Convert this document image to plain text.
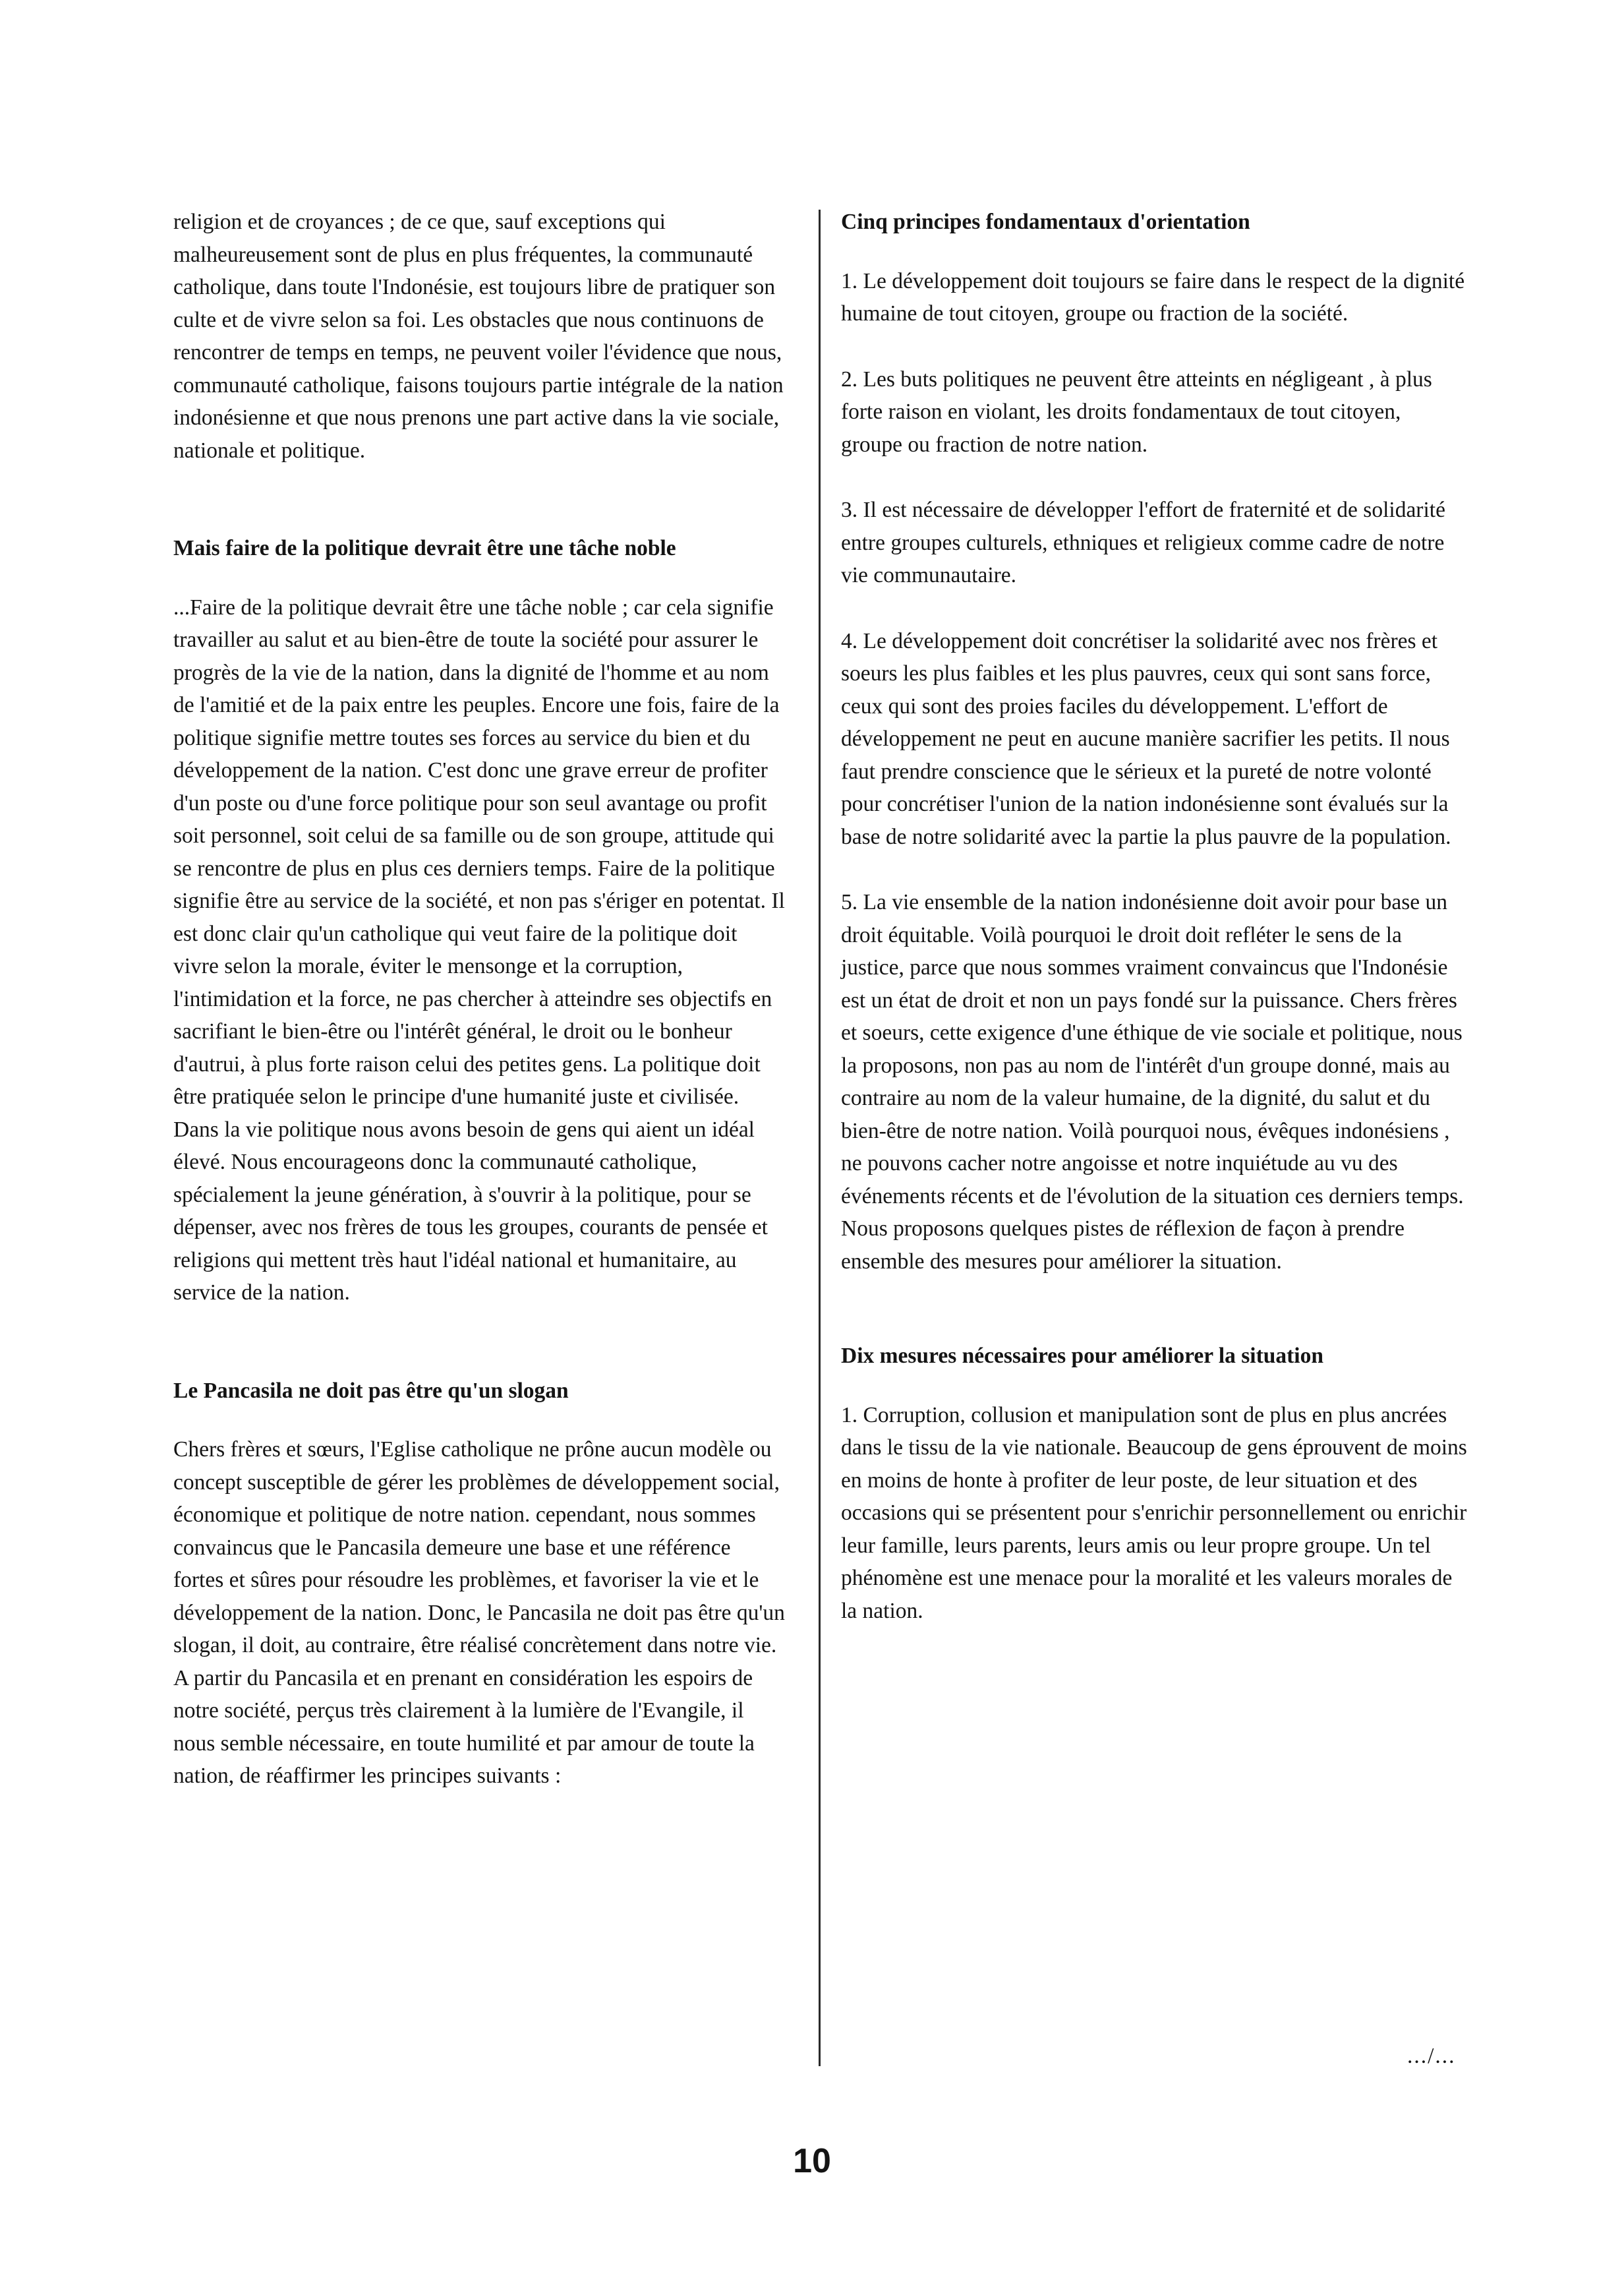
religion et de croyances ; de ce que, sauf exceptions qui malheureusement sont de plus en plus fréquentes, la communauté catholique, dans toute l'Indonésie, est toujours libre de pratiquer son culte et de vivre selon sa foi. Les obstacles que nous continuons de rencontrer de temps en temps, ne peuvent voiler l'évidence que nous, communauté catholique, faisons toujours partie intégrale de la nation indonésienne et que nous prenons une part active dans la vie sociale, nationale et politique.

Mais faire de la politique devrait être une tâche noble

...Faire de la politique devrait être une tâche noble ; car cela signifie travailler au salut et au bien-être de toute la société pour assurer le progrès de la vie de la nation, dans la dignité de l'homme et au nom de l'amitié et de la paix entre les peuples. Encore une fois, faire de la politique signifie mettre toutes ses forces au service du bien et du développement de la nation. C'est donc une grave erreur de profiter d'un poste ou d'une force politique pour son seul avantage ou profit soit personnel, soit celui de sa famille ou de son groupe, attitude qui se rencontre de plus en plus ces derniers temps. Faire de la politique signifie être au service de la société, et non pas s'ériger en potentat. Il est donc clair qu'un catholique qui veut faire de la politique doit vivre selon la morale, éviter le mensonge et la corruption, l'intimidation et la force, ne pas chercher à atteindre ses objectifs en sacrifiant le bien-être ou l'intérêt général, le droit ou le bonheur d'autrui, à plus forte raison celui des petites gens. La politique doit être pratiquée selon le principe d'une humanité juste et civilisée. Dans la vie politique nous avons besoin de gens qui aient un idéal élevé. Nous encourageons donc la communauté catholique, spécialement la jeune génération, à s'ouvrir à la politique, pour se dépenser, avec nos frères de tous les groupes, courants de pensée et religions qui mettent très haut l'idéal national et humanitaire, au service de la nation.

Le Pancasila ne doit pas être qu'un slogan

Chers frères et sœurs, l'Eglise catholique ne prône aucun modèle ou concept susceptible de gérer les problèmes de développement social, économique et politique de notre nation. cependant, nous sommes convaincus que le Pancasila demeure une base et une référence fortes et sûres pour résoudre les problèmes, et favoriser la vie et le développement de la nation. Donc, le Pancasila ne doit pas être qu'un slogan, il doit, au contraire, être réalisé concrètement dans notre vie. A partir du Pancasila et en prenant en considération les espoirs de notre société, perçus très clairement à la lumière de l'Evangile, il nous semble nécessaire, en toute humilité et par amour de toute la nation, de réaffirmer les principes suivants :

Cinq principes fondamentaux d'orientation

1. Le développement doit toujours se faire dans le respect de la dignité humaine de tout citoyen, groupe ou fraction de la société.

2. Les buts politiques ne peuvent être atteints en négligeant , à plus forte raison en violant, les droits fondamentaux de tout citoyen, groupe ou fraction de notre nation.

3. Il est nécessaire de développer l'effort de fraternité et de solidarité entre groupes culturels, ethniques et religieux comme cadre de notre vie communautaire.

4. Le développement doit concrétiser la solidarité avec nos frères et soeurs les plus faibles et les plus pauvres, ceux qui sont sans force, ceux qui sont des proies faciles du développement. L'effort de développement ne peut en aucune manière sacrifier les petits. Il nous faut prendre conscience que le sérieux et la pureté de notre volonté pour concrétiser l'union de la nation indonésienne sont évalués sur la base de notre solidarité avec la partie la plus pauvre de la population.

5. La vie ensemble de la nation indonésienne doit avoir pour base un droit équitable. Voilà pourquoi le droit doit refléter le sens de la justice, parce que nous sommes vraiment convaincus que l'Indonésie est un état de droit et non un pays fondé sur la puissance. Chers frères et soeurs, cette exigence d'une éthique de vie sociale et politique, nous la proposons, non pas au nom de l'intérêt d'un groupe donné, mais au contraire au nom de la valeur humaine, de la dignité, du salut et du bien-être de notre nation. Voilà pourquoi nous, évêques indonésiens , ne pouvons cacher notre angoisse et notre inquiétude au vu des événements récents et de l'évolution de la situation ces derniers temps. Nous proposons quelques pistes de réflexion de façon à prendre ensemble des mesures pour améliorer la situation.

Dix mesures nécessaires pour améliorer la situation

1. Corruption, collusion et manipulation sont de plus en plus ancrées dans le tissu de la vie nationale. Beaucoup de gens éprouvent de moins en moins de honte à profiter de leur poste, de leur situation et des occasions qui se présentent pour s'enrichir personnellement ou enrichir leur famille, leurs parents, leurs amis ou leur propre groupe. Un tel phénomène est une menace pour la moralité et les valeurs morales de la nation.

.../...
10
